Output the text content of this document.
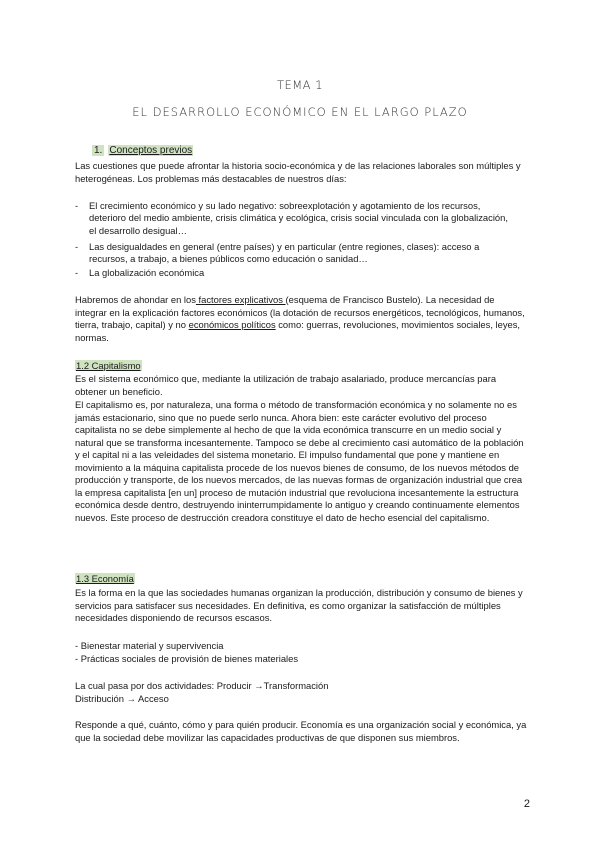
TEMA 1
EL DESARROLLO ECONÓMICO EN EL LARGO PLAZO
1. Conceptos previos

Las cuestiones que puede afrontar la historia socio-económica y de las relaciones laborales son múltiples y heterogéneas. Los problemas más destacables de nuestros días:

- El crecimiento económico y su lado negativo: sobreexplotación y agotamiento de los recursos, deterioro del medio ambiente, crisis climática y ecológica, crisis social vinculada con la globalización, el desarrollo desigual…

- Las desigualdades en general (entre países) y en particular (entre regiones, clases): acceso a recursos, a trabajo, a bienes públicos como educación o sanidad…

- La globalización económica

Habremos de ahondar en los factores explicativos (esquema de Francisco Bustelo). La necesidad de integrar en la explicación factores económicos (la dotación de recursos energéticos, tecnológicos, humanos, tierra, trabajo, capital) y no económicos políticos como: guerras, revoluciones, movimientos sociales, leyes, normas.

1.2 Capitalismo

Es el sistema económico que, mediante la utilización de trabajo asalariado, produce mercancías para obtener un beneficio.

El capitalismo es, por naturaleza, una forma o método de transformación económica y no solamente no es jamás estacionario, sino que no puede serlo nunca. Ahora bien: este carácter evolutivo del proceso capitalista no se debe simplemente al hecho de que la vida económica transcurre en un medio social y natural que se transforma incesantemente. Tampoco se debe al crecimiento casi automático de la población y el capital ni a las veleidades del sistema monetario. El impulso fundamental que pone y mantiene en movimiento a la máquina capitalista procede de los nuevos bienes de consumo, de los nuevos métodos de producción y transporte, de los nuevos mercados, de las nuevas formas de organización industrial que crea la empresa capitalista [en un] proceso de mutación industrial que revoluciona incesantemente la estructura económica desde dentro, destruyendo ininterrumpidamente lo antiguo y creando continuamente elementos nuevos. Este proceso de destrucción creadora constituye el dato de hecho esencial del capitalismo.

1.3 Economía

Es la forma en la que las sociedades humanas organizan la producción, distribución y consumo de bienes y servicios para satisfacer sus necesidades. En definitiva, es como organizar la satisfacción de múltiples necesidades disponiendo de recursos escasos.

- Bienestar material y supervivencia

- Prácticas sociales de provisión de bienes materiales

La cual pasa por dos actividades: Producir →Transformación

Distribución → Acceso

Responde a qué, cuánto, cómo y para quién producir. Economía es una organización social y económica, ya que la sociedad debe movilizar las capacidades productivas de que disponen sus miembros.

2
